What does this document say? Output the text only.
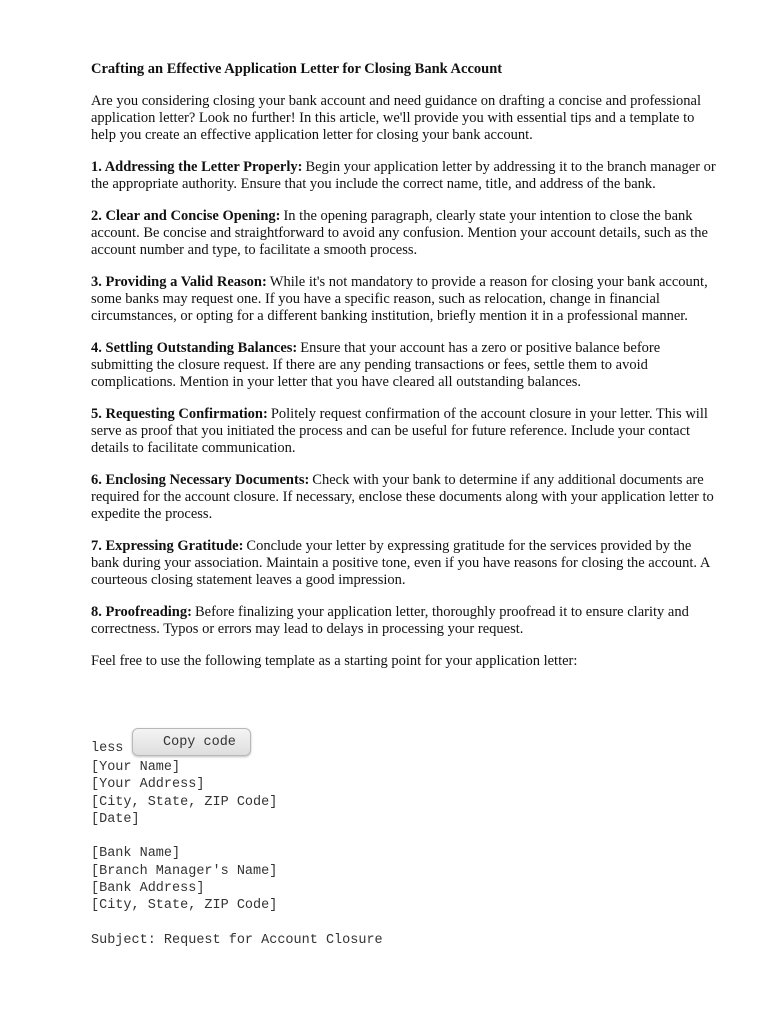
Crafting an Effective Application Letter for Closing Bank Account
Are you considering closing your bank account and need guidance on drafting a concise and professional application letter? Look no further! In this article, we'll provide you with essential tips and a template to help you create an effective application letter for closing your bank account.
1. Addressing the Letter Properly: Begin your application letter by addressing it to the branch manager or the appropriate authority. Ensure that you include the correct name, title, and address of the bank.
2. Clear and Concise Opening: In the opening paragraph, clearly state your intention to close the bank account. Be concise and straightforward to avoid any confusion. Mention your account details, such as the account number and type, to facilitate a smooth process.
3. Providing a Valid Reason: While it's not mandatory to provide a reason for closing your bank account, some banks may request one. If you have a specific reason, such as relocation, change in financial circumstances, or opting for a different banking institution, briefly mention it in a professional manner.
4. Settling Outstanding Balances: Ensure that your account has a zero or positive balance before submitting the closure request. If there are any pending transactions or fees, settle them to avoid complications. Mention in your letter that you have cleared all outstanding balances.
5. Requesting Confirmation: Politely request confirmation of the account closure in your letter. This will serve as proof that you initiated the process and can be useful for future reference. Include your contact details to facilitate communication.
6. Enclosing Necessary Documents: Check with your bank to determine if any additional documents are required for the account closure. If necessary, enclose these documents along with your application letter to expedite the process.
7. Expressing Gratitude: Conclude your letter by expressing gratitude for the services provided by the bank during your association. Maintain a positive tone, even if you have reasons for closing the account. A courteous closing statement leaves a good impression.
8. Proofreading: Before finalizing your application letter, thoroughly proofread it to ensure clarity and correctness. Typos or errors may lead to delays in processing your request.
Feel free to use the following template as a starting point for your application letter:
less	Copy code
[Your Name]
[Your Address]
[City, State, ZIP Code]
[Date]
[Bank Name]
[Branch Manager's Name]
[Bank Address]
[City, State, ZIP Code]
Subject: Request for Account Closure
